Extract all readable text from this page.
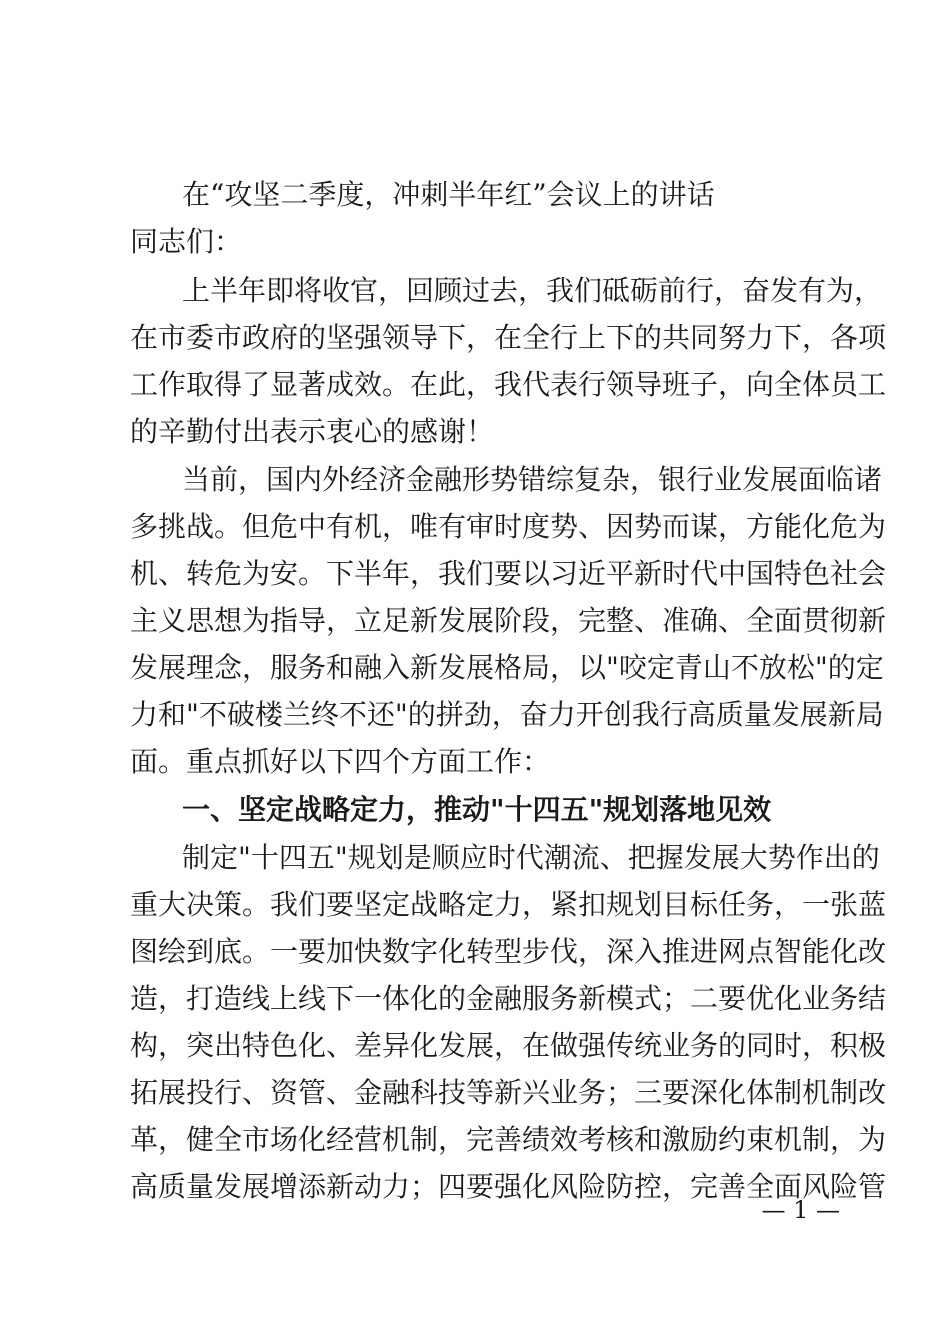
在“攻坚二季度，冲刺半年红”会议上的讲话
同志们：
上半年即将收官，回顾过去，我们砥砺前行，奋发有为，
在市委市政府的坚强领导下，在全行上下的共同努力下，各项
工作取得了显著成效。在此，我代表行领导班子，向全体员工
的辛勤付出表示衷心的感谢！
当前，国内外经济金融形势错综复杂，银行业发展面临诸
多挑战。但危中有机，唯有审时度势、因势而谋，方能化危为
机、转危为安。下半年，我们要以习近平新时代中国特色社会
主义思想为指导，立足新发展阶段，完整、准确、全面贯彻新
发展理念，服务和融入新发展格局，以"咬定青山不放松"的定
力和"不破楼兰终不还"的拼劲，奋力开创我行高质量发展新局
面。重点抓好以下四个方面工作：
一、坚定战略定力，推动"十四五"规划落地见效
制定"十四五"规划是顺应时代潮流、把握发展大势作出的
重大决策。我们要坚定战略定力，紧扣规划目标任务，一张蓝
图绘到底。一要加快数字化转型步伐，深入推进网点智能化改
造，打造线上线下一体化的金融服务新模式；二要优化业务结
构，突出特色化、差异化发展，在做强传统业务的同时，积极
拓展投行、资管、金融科技等新兴业务；三要深化体制机制改
革，健全市场化经营机制，完善绩效考核和激励约束机制，为
高质量发展增添新动力；四要强化风险防控，完善全面风险管
— 1 —
